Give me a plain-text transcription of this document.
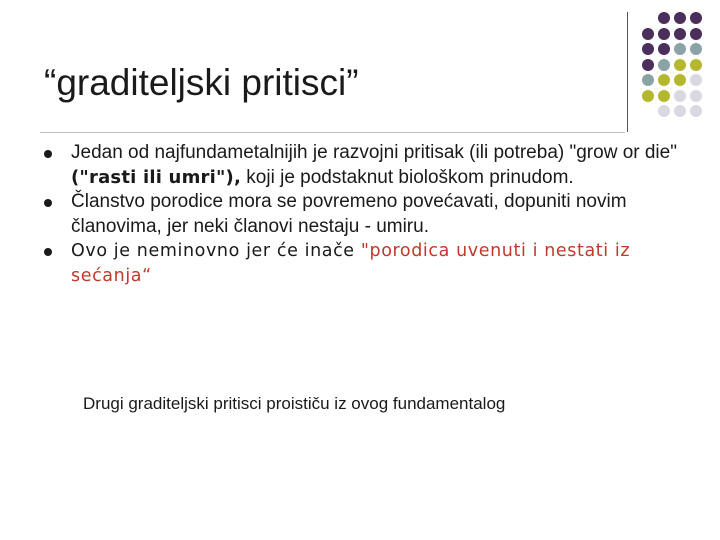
“graditeljski pritisci”
Jedan od najfundametalnijih je razvojni pritisak (ili potreba) "grow or die" ("rasti ili umri"), koji je podstaknut biološkom prinudom.
Članstvo porodice mora se povremeno povećavati, dopuniti novim članovima, jer neki članovi nestaju - umiru.
Ovo je neminovno jer će inače "porodica uvenuti i nestati iz sećanja“
Drugi graditeljski pritisci proističu iz ovog fundamentalog
